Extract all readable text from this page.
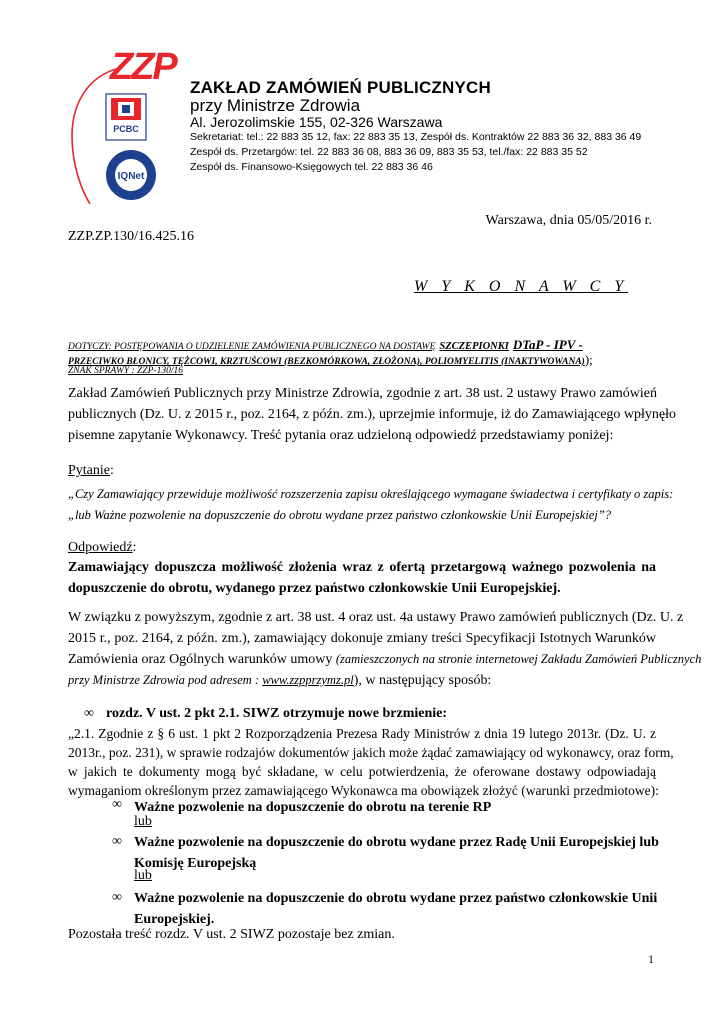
ZZP
PCBC
IQNet
ZAKŁAD ZAMÓWIEŃ PUBLICZNYCH
przy Ministrze Zdrowia
Al. Jerozolimskie 155, 02-326 Warszawa
Sekretariat: tel.: 22 883 35 12, fax: 22 883 35 13, Zespół ds. Kontraktów 22 883 36 32, 883 36 49
Zespół ds. Przetargów: tel. 22 883 36 08, 883 36 09, 883 35 53, tel./fax: 22 883 35 52
Zespół ds. Finansowo-Księgowych tel. 22 883 36 46
Warszawa, dnia 05/05/2016 r.
ZZP.ZP.130/16.425.16
W Y K O N A W C Y
DOTYCZY: POSTĘPOWANIA O UDZIELENIE ZAMÓWIENIA PUBLICZNEGO NA DOSTAWĘ SZCZEPIONKI DTaP - IPV -
PRZECIWKO BŁONICY, TĘŻCOWI, KRZTUŚCOWI (BEZKOMÓRKOWA, ZŁOŻONA), POLIOMYELITIS (INAKTYWOWANA));
ZNAK SPRAWY : ZZP-130/16
Zakład Zamówień Publicznych przy Ministrze Zdrowia, zgodnie z art. 38 ust. 2 ustawy Prawo zamówień
publicznych (Dz. U. z 2015 r., poz. 2164, z późn. zm.), uprzejmie informuje, iż do Zamawiającego wpłynęło
pisemne zapytanie Wykonawcy. Treść pytania oraz udzieloną odpowiedź przedstawiamy poniżej:
Pytanie:
„Czy Zamawiający przewiduje możliwość rozszerzenia zapisu określającego wymagane świadectwa i certyfikaty o zapis:
„lub Ważne pozwolenie na dopuszczenie do obrotu wydane przez państwo członkowskie Unii Europejskiej”?
Odpowiedź:
Zamawiający dopuszcza możliwość złożenia wraz z ofertą przetargową ważnego pozwolenia na
dopuszczenie do obrotu, wydanego przez państwo członkowskie Unii Europejskiej.
W związku z powyższym, zgodnie z art. 38 ust. 4 oraz ust. 4a ustawy Prawo zamówień publicznych (Dz. U. z
2015 r., poz. 2164, z późn. zm.), zamawiający dokonuje zmiany treści Specyfikacji Istotnych Warunków
Zamówienia oraz Ogólnych warunków umowy (zamieszczonych na stronie internetowej Zakładu Zamówień Publicznych
przy Ministrze Zdrowia pod adresem : www.zzpprzymz.pl), w następujący sposób:
∞ rozdz. V ust. 2 pkt 2.1. SIWZ otrzymuje nowe brzmienie:
„2.1. Zgodnie z § 6 ust. 1 pkt 2 Rozporządzenia Prezesa Rady Ministrów z dnia 19 lutego 2013r. (Dz. U. z
2013r., poz. 231), w sprawie rodzajów dokumentów jakich może żądać zamawiający od wykonawcy, oraz form,
w jakich te dokumenty mogą być składane, w celu potwierdzenia, że oferowane dostawy odpowiadają
wymaganiom określonym przez zamawiającego Wykonawca ma obowiązek złożyć (warunki przedmiotowe):
∞ Ważne pozwolenie na dopuszczenie do obrotu na terenie RP
lub
∞ Ważne pozwolenie na dopuszczenie do obrotu wydane przez Radę Unii Europejskiej lub
Komisję Europejską
lub
∞ Ważne pozwolenie na dopuszczenie do obrotu wydane przez państwo członkowskie Unii
Europejskiej.
Pozostała treść rozdz. V ust. 2 SIWZ pozostaje bez zmian.
1
